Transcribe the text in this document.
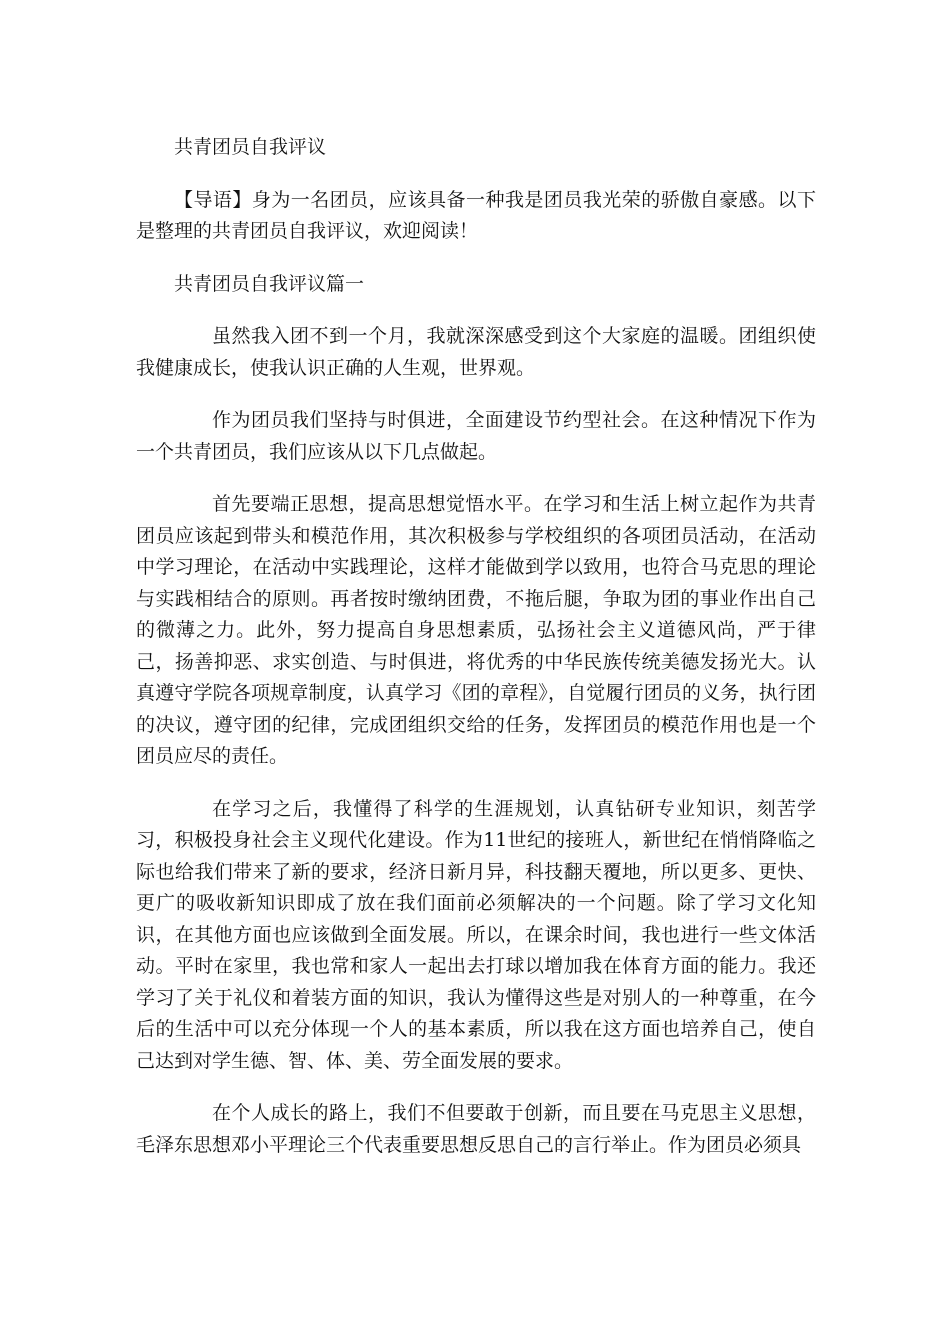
共青团员自我评议

【导语】身为一名团员，应该具备一种我是团员我光荣的骄傲自豪感。以下是整理的共青团员自我评议，欢迎阅读！

共青团员自我评议篇一

虽然我入团不到一个月，我就深深感受到这个大家庭的温暖。团组织使我健康成长，使我认识正确的人生观，世界观。

作为团员我们坚持与时俱进，全面建设节约型社会。在这种情况下作为一个共青团员，我们应该从以下几点做起。

首先要端正思想，提高思想觉悟水平。在学习和生活上树立起作为共青团员应该起到带头和模范作用，其次积极参与学校组织的各项团员活动，在活动中学习理论，在活动中实践理论，这样才能做到学以致用，也符合马克思的理论与实践相结合的原则。再者按时缴纳团费，不拖后腿，争取为团的事业作出自己的微薄之力。此外，努力提高自身思想素质，弘扬社会主义道德风尚，严于律己，扬善抑恶、求实创造、与时俱进，将优秀的中华民族传统美德发扬光大。认真遵守学院各项规章制度，认真学习《团的章程》，自觉履行团员的义务，执行团的决议，遵守团的纪律，完成团组织交给的任务，发挥团员的模范作用也是一个团员应尽的责任。

在学习之后，我懂得了科学的生涯规划，认真钻研专业知识，刻苦学习，积极投身社会主义现代化建设。作为11世纪的接班人，新世纪在悄悄降临之际也给我们带来了新的要求，经济日新月异，科技翻天覆地，所以更多、更快、更广的吸收新知识即成了放在我们面前必须解决的一个问题。除了学习文化知识，在其他方面也应该做到全面发展。所以，在课余时间，我也进行一些文体活动。平时在家里，我也常和家人一起出去打球以增加我在体育方面的能力。我还学习了关于礼仪和着装方面的知识，我认为懂得这些是对别人的一种尊重，在今后的生活中可以充分体现一个人的基本素质，所以我在这方面也培养自己，使自己达到对学生德、智、体、美、劳全面发展的要求。

在个人成长的路上，我们不但要敢于创新，而且要在马克思主义思想，毛泽东思想邓小平理论三个代表重要思想反思自己的言行举止。作为团员必须具
